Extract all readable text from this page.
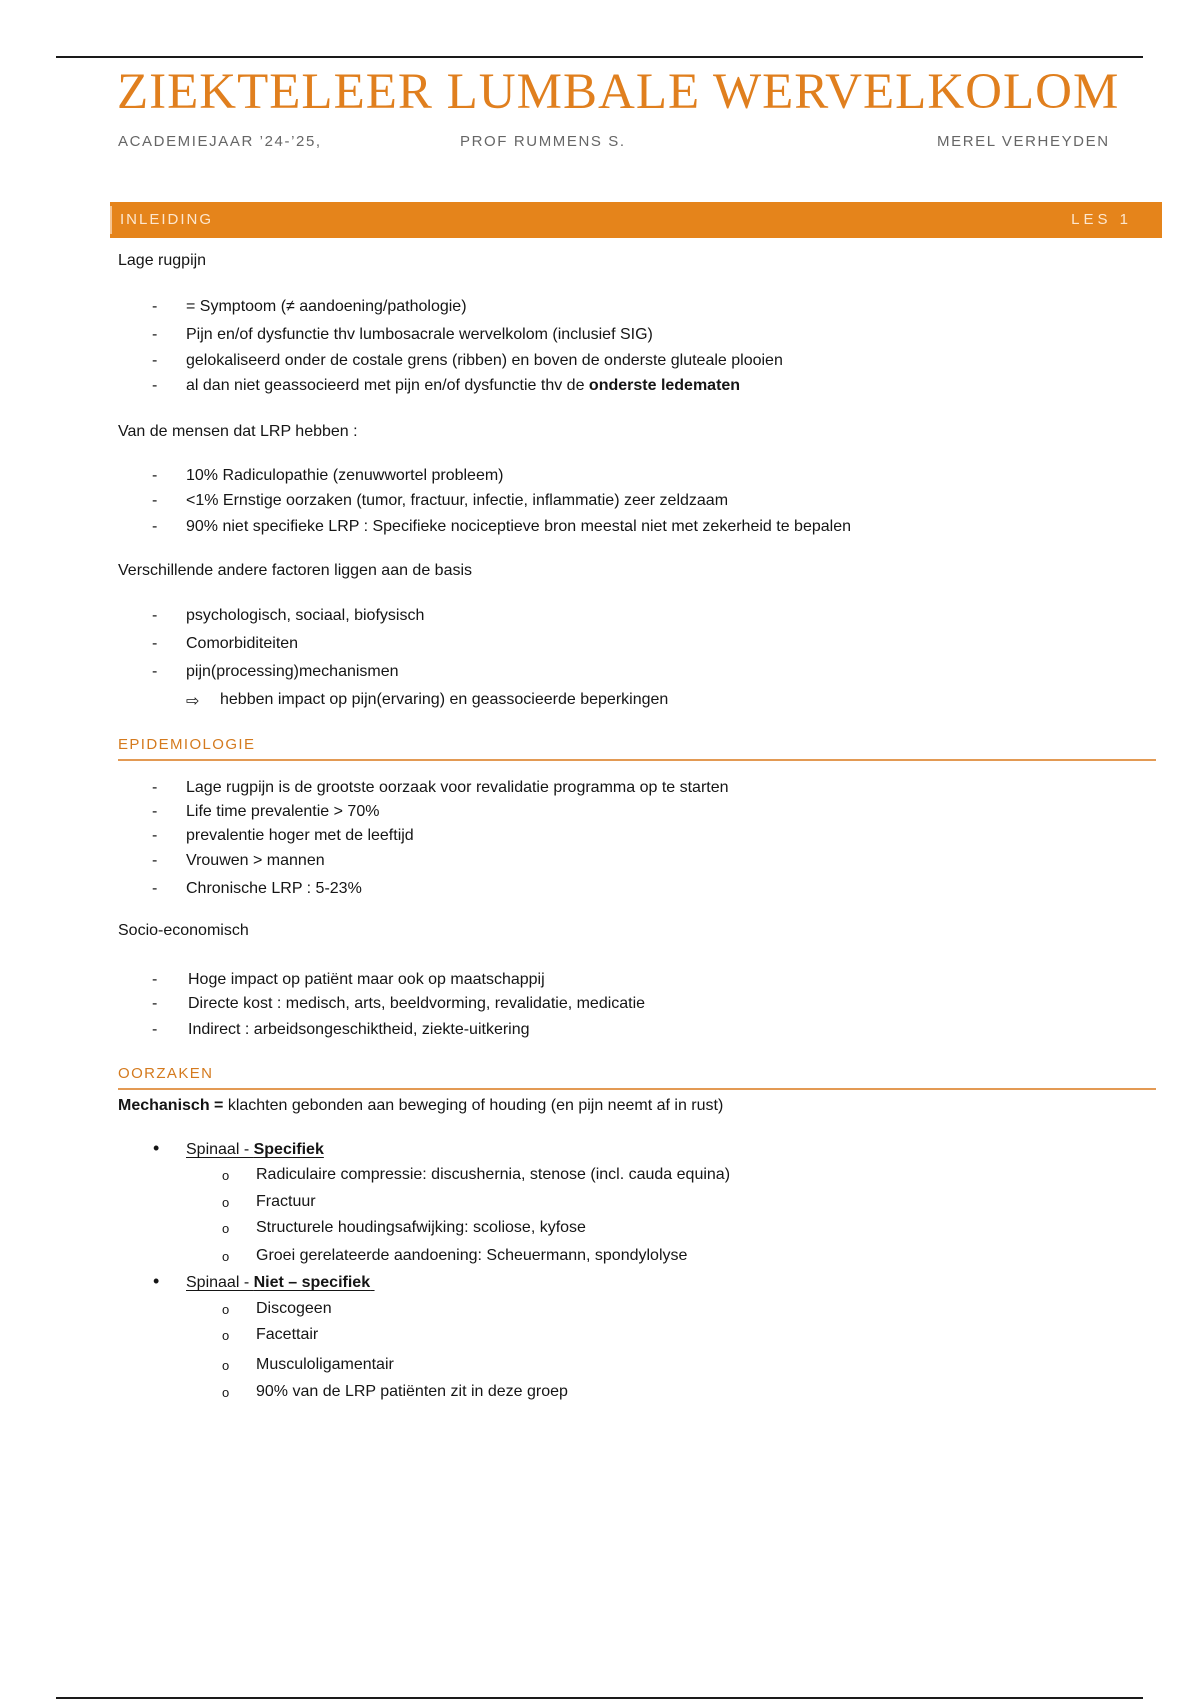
ZIEKTELEER LUMBALE WERVELKOLOM
ACADEMIEJAAR ’24-’25,	PROF RUMMENS S.	MEREL VERHEYDEN
INLEIDING	LES 1
Lage rugpijn
- = Symptoom (≠ aandoening/pathologie)
- Pijn en/of dysfunctie thv lumbosacrale wervelkolom (inclusief SIG)
- gelokaliseerd onder de costale grens (ribben) en boven de onderste gluteale plooien
- al dan niet geassocieerd met pijn en/of dysfunctie thv de onderste ledematen
Van de mensen dat LRP hebben :
- 10% Radiculopathie (zenuwwortel probleem)
- <1% Ernstige oorzaken (tumor, fractuur, infectie, inflammatie) zeer zeldzaam
- 90% niet specifieke LRP : Specifieke nociceptieve bron meestal niet met zekerheid te bepalen
Verschillende andere factoren liggen aan de basis
- psychologisch, sociaal, biofysisch
- Comorbiditeiten
- pijn(processing)mechanismen
⇨ hebben impact op pijn(ervaring) en geassocieerde beperkingen
EPIDEMIOLOGIE
- Lage rugpijn is de grootste oorzaak voor revalidatie programma op te starten
- Life time prevalentie > 70%
- prevalentie hoger met de leeftijd
- Vrouwen > mannen
- Chronische LRP : 5-23%
Socio-economisch
- Hoge impact op patiënt maar ook op maatschappij
- Directe kost : medisch, arts, beeldvorming, revalidatie, medicatie
- Indirect : arbeidsongeschiktheid, ziekte-uitkering
OORZAKEN
Mechanisch = klachten gebonden aan beweging of houding (en pijn neemt af in rust)
• Spinaal - Specifiek
o Radiculaire compressie: discushernia, stenose (incl. cauda equina)
o Fractuur
o Structurele houdingsafwijking: scoliose, kyfose
o Groei gerelateerde aandoening: Scheuermann, spondylolyse
• Spinaal - Niet – specifiek
o Discogeen
o Facettair
o Musculoligamentair
o 90% van de LRP patiënten zit in deze groep
